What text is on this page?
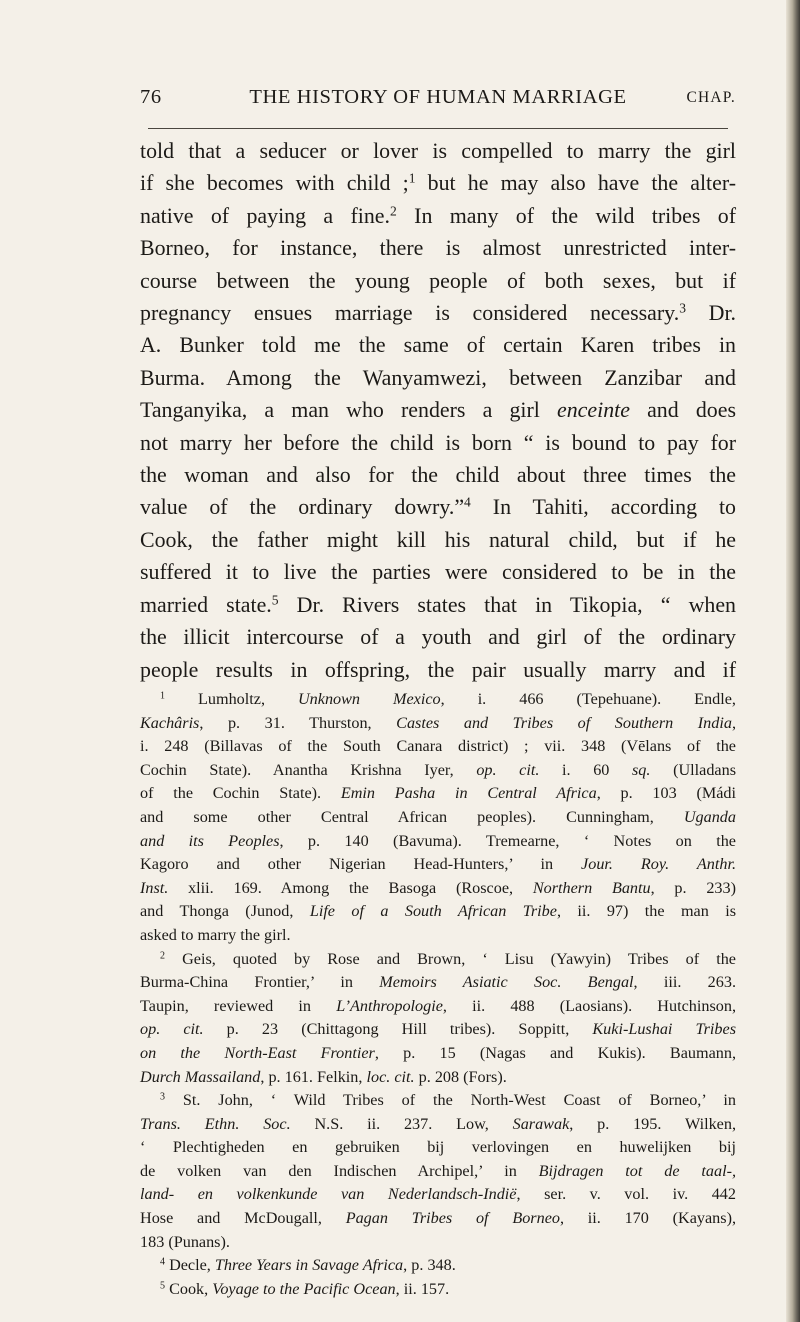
76	THE HISTORY OF HUMAN MARRIAGE	CHAP.
told that a seducer or lover is compelled to marry the girl
if she becomes with child ;$^1$ but he may also have the alter-
native of paying a fine.$^2$ In many of the wild tribes of
Borneo, for instance, there is almost unrestricted inter-
course between the young people of both sexes, but if
pregnancy ensues marriage is considered necessary.$^3$ Dr.
A. Bunker told me the same of certain Karen tribes in
Burma. Among the Wanyamwezi, between Zanzibar and
Tanganyika, a man who renders a girl enceinte and does
not marry her before the child is born “ is bound to pay for
the woman and also for the child about three times the
value of the ordinary dowry.”$^4$ In Tahiti, according to
Cook, the father might kill his natural child, but if he
suffered it to live the parties were considered to be in the
married state.$^5$ Dr. Rivers states that in Tikopia, “ when
the illicit intercourse of a youth and girl of the ordinary
people results in offspring, the pair usually marry and if
$^1$ Lumholtz, Unknown Mexico, i. 466 (Tepehuane). Endle,
Kachâris, p. 31. Thurston, Castes and Tribes of Southern India,
i. 248 (Billavas of the South Canara district) ; vii. 348 (Vēlans of the
Cochin State). Anantha Krishna Iyer, op. cit. i. 60 sq. (Ulladans
of the Cochin State). Emin Pasha in Central Africa, p. 103 (Mádi
and some other Central African peoples). Cunningham, Uganda
and its Peoples, p. 140 (Bavuma). Tremearne, ‘ Notes on the
Kagoro and other Nigerian Head-Hunters,’ in Jour. Roy. Anthr.
Inst. xlii. 169. Among the Basoga (Roscoe, Northern Bantu, p. 233)
and Thonga (Junod, Life of a South African Tribe, ii. 97) the man is
asked to marry the girl.
$^2$ Geis, quoted by Rose and Brown, ‘ Lisu (Yawyin) Tribes of the
Burma-China Frontier,’ in Memoirs Asiatic Soc. Bengal, iii. 263.
Taupin, reviewed in L’Anthropologie, ii. 488 (Laosians). Hutchinson,
op. cit. p. 23 (Chittagong Hill tribes). Soppitt, Kuki-Lushai Tribes
on the North-East Frontier, p. 15 (Nagas and Kukis). Baumann,
Durch Massailand, p. 161. Felkin, loc. cit. p. 208 (Fors).
$^3$ St. John, ‘ Wild Tribes of the North-West Coast of Borneo,’ in
Trans. Ethn. Soc. N.S. ii. 237. Low, Sarawak, p. 195. Wilken,
‘ Plechtigheden en gebruiken bij verlovingen en huwelijken bij
de volken van den Indischen Archipel,’ in Bijdragen tot de taal-,
land- en volkenkunde van Nederlandsch-Indië, ser. v. vol. iv. 442
Hose and McDougall, Pagan Tribes of Borneo, ii. 170 (Kayans),
183 (Punans).
$^4$ Decle, Three Years in Savage Africa, p. 348.
$^5$ Cook, Voyage to the Pacific Ocean, ii. 157.
